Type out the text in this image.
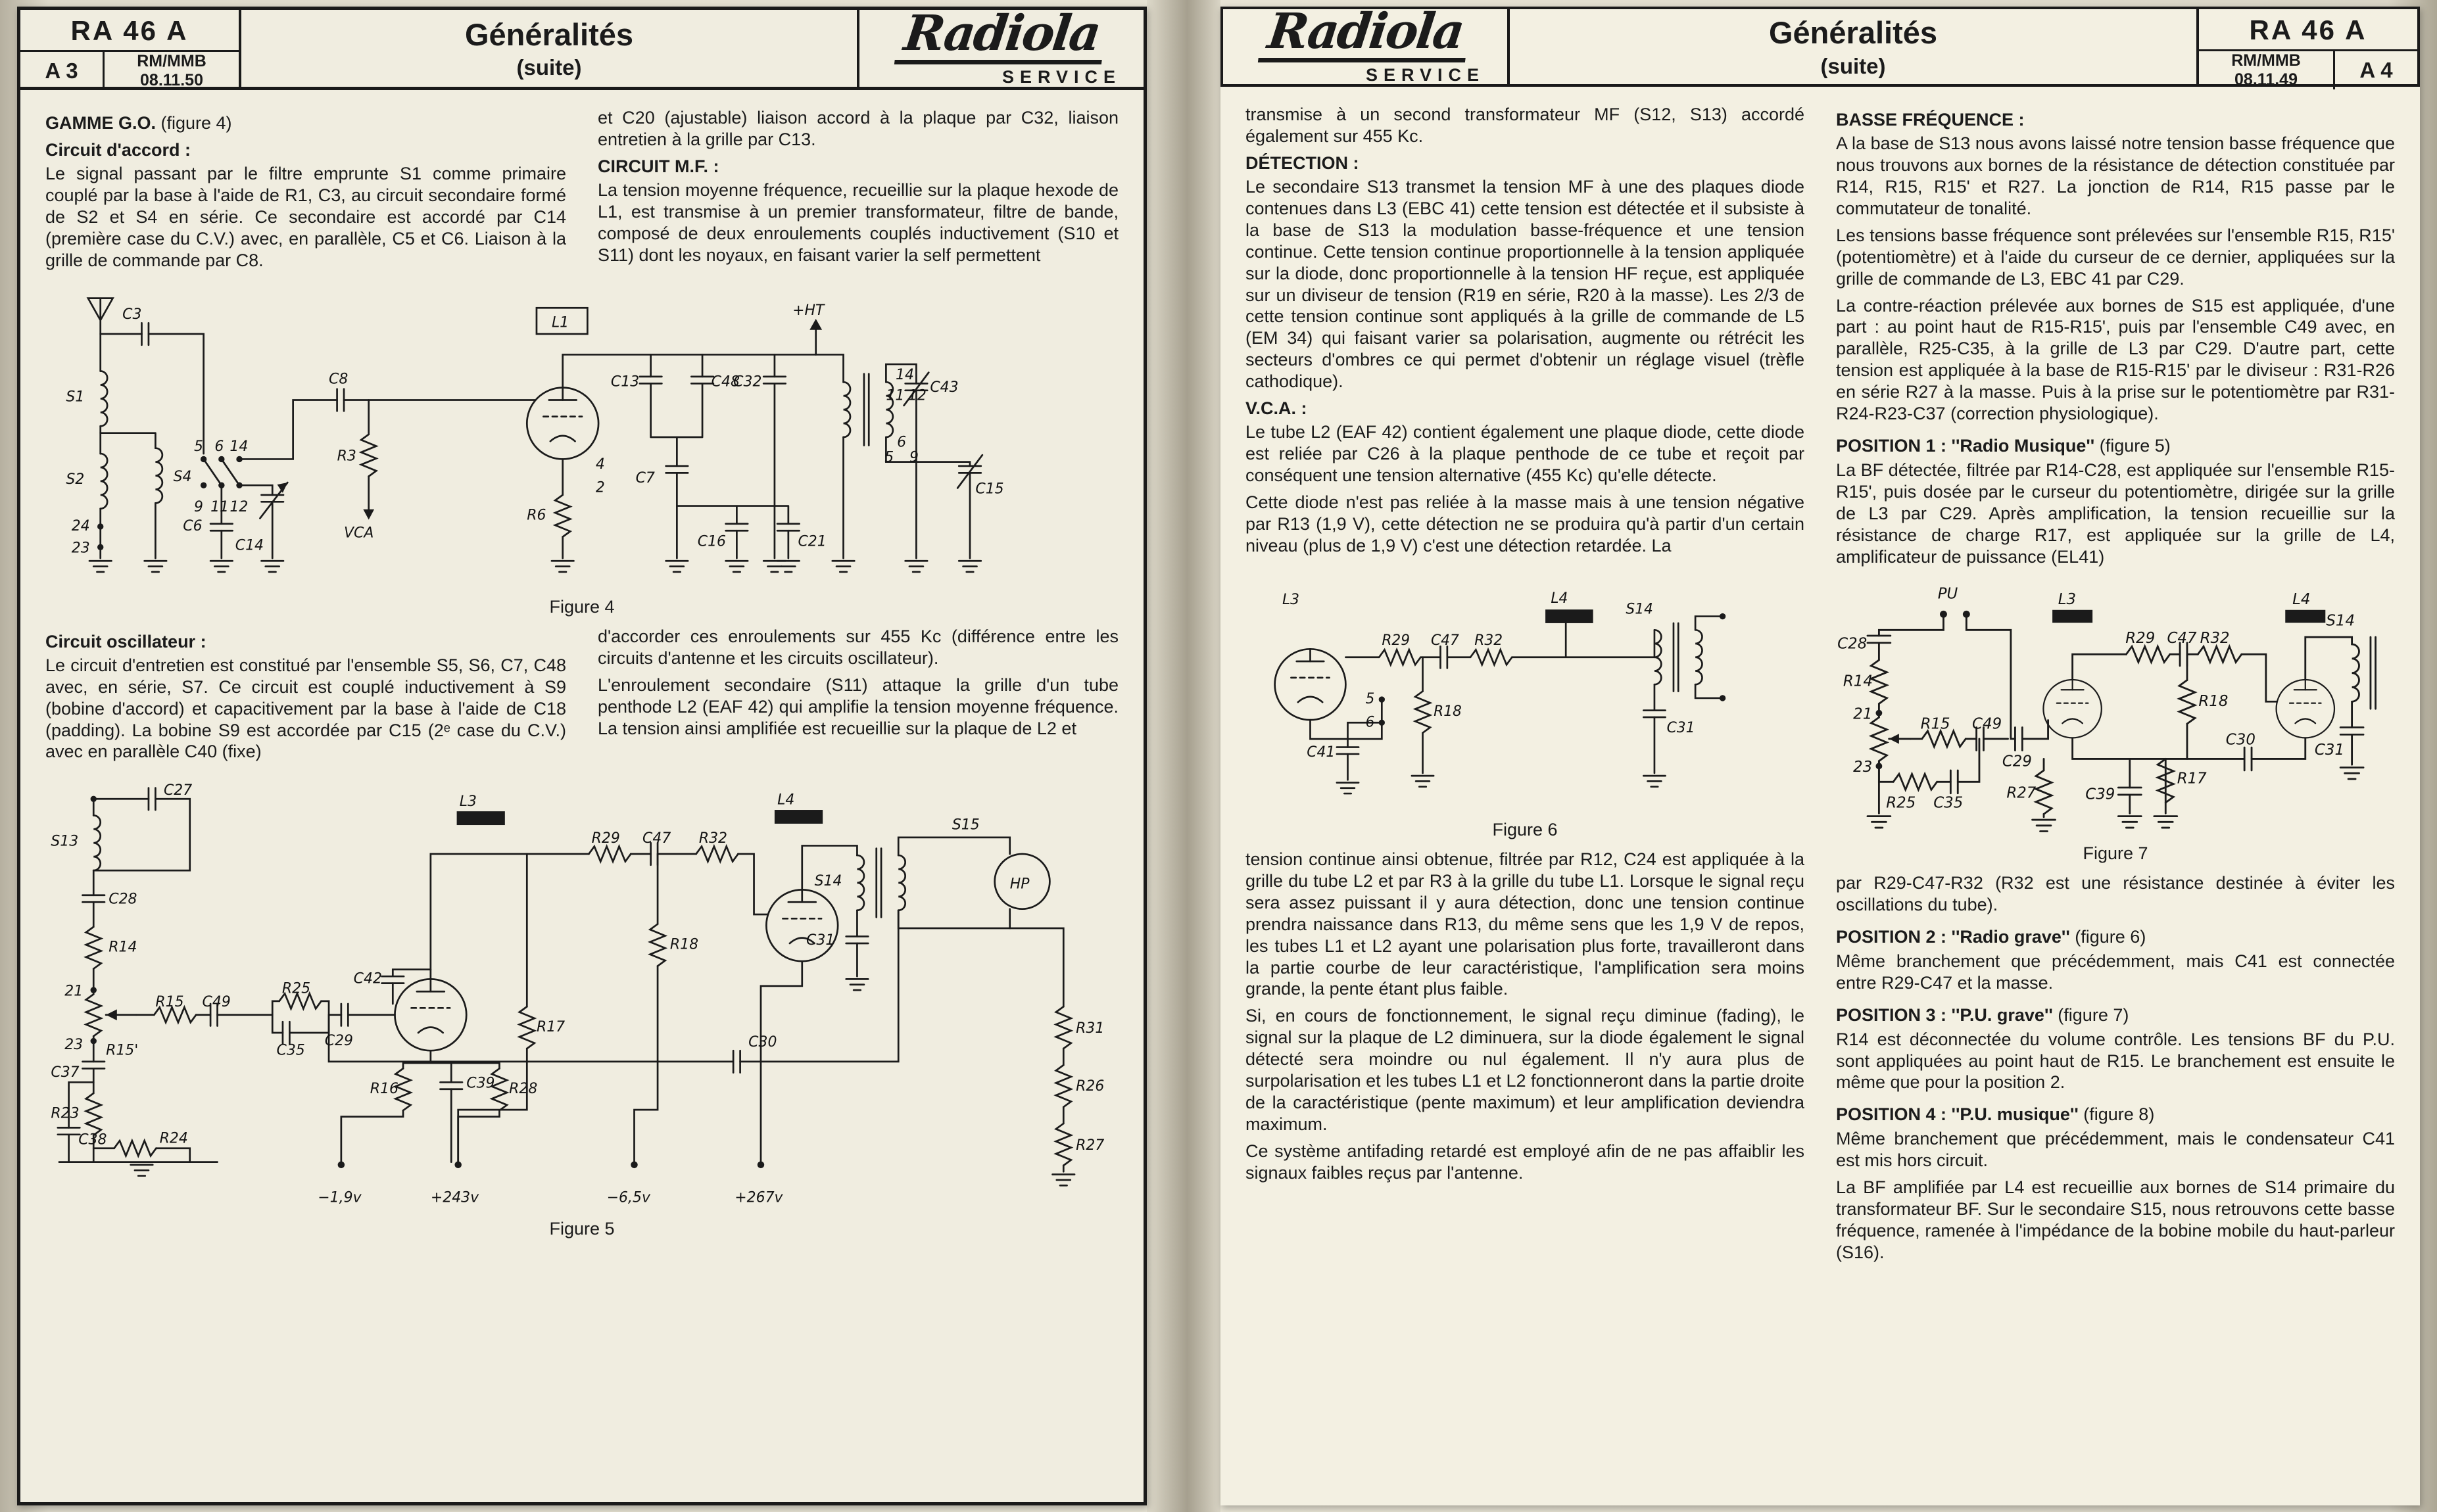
RA 46 A
A 3	RM/MMB
08.11.50
Généralités
(suite)
Radiola
SERVICE
GAMME G.O. (figure 4)
Circuit d'accord :

Le signal passant par le filtre emprunte S1 comme primaire couplé par la base à l'aide de R1, C3, au circuit secondaire formé de S2 et S4 en série. Ce secondaire est accordé par C14 (première case du C.V.) avec, en parallèle, C5 et C6. Liaison à la grille de commande par C8.

et C20 (ajustable) liaison accord à la plaque par C32, liaison entretien à la grille par C13.

CIRCUIT M.F. :

La tension moyenne fréquence, recueillie sur la plaque hexode de L1, est transmise à un premier transformateur, filtre de bande, composé de deux enroulements couplés inductivement (S10 et S11) dont les noyaux, en faisant varier la self permettent

C3
S1
S2	S4
5 6 14
9 11 12
24
23
C6
C14
C8
R3
VCA
L1
4
2
R6
C13	C48
C7
C32
+HT
14
11 12
C43
5
6
9
C15
C16	C21
Figure 4
Circuit oscillateur :

Le circuit d'entretien est constitué par l'ensemble S5, S6, C7, C48 avec, en série, S7. Ce circuit est couplé inductivement à S9 (bobine d'accord) et capacitivement par la base à l'aide de C18 (padding). La bobine S9 est accordée par C15 (2ᵉ case du C.V.) avec en parallèle C40 (fixe)

d'accorder ces enroulements sur 455 Kc (différence entre les circuits d'antenne et les circuits oscillateur).

L'enroulement secondaire (S11) attaque la grille d'un tube penthode L2 (EAF 42) qui amplifie la tension moyenne fréquence. La tension ainsi amplifiée est recueillie sur la plaque de L2 et

S13
C27
C28
R14
21
23
R15 C49
R15'
C37
R23
C38	R24
R25
C35
C29
R16	C39 R28
R17
C42
L3
R29 C47 R32
L4
R18
S14
C31
S15
HP
C30
R31
R26
R27
−1,9v	+243v	−6,5v	+267v
Figure 5
Radiola
SERVICE
Généralités
(suite)
RA 46 A
RM/MMB
08.11.49	A 4

transmise à un second transformateur MF (S12, S13) accordé également sur 455 Kc.

DÉTECTION :

Le secondaire S13 transmet la tension MF à une des plaques diode contenues dans L3 (EBC 41) cette tension est détectée et il subsiste à la base de S13 la modulation basse-fréquence et une tension continue. Cette tension continue proportionnelle à la tension appliquée sur la diode, donc proportionnelle à la tension HF reçue, est appliquée sur un diviseur de tension (R19 en série, R20 à la masse). Les 2/3 de cette tension continue sont appliqués à la grille de commande de L5 (EM 34) qui faisant varier sa polarisation, augmente ou rétrécit les secteurs d'ombres ce qui permet d'obtenir un réglage visuel (trèfle cathodique).

V.C.A. :

Le tube L2 (EAF 42) contient également une plaque diode, cette diode est reliée par C26 à la plaque penthode de ce tube et reçoit par conséquent une tension alternative (455 Kc) qu'elle détecte.

Cette diode n'est pas reliée à la masse mais à une tension négative par R13 (1,9 V), cette détection ne se produira qu'à partir d'un certain niveau (plus de 1,9 V) c'est une détection retardée. La

L3
R29 C47 R32
L4
S14
5
6
R18
C31
C41
Figure 6

tension continue ainsi obtenue, filtrée par R12, C24 est appliquée à la grille du tube L2 et par R3 à la grille du tube L1. Lorsque le signal reçu sera assez puissant il y aura détection, donc une tension continue prendra naissance dans R13, du même sens que les 1,9 V de repos, les tubes L1 et L2 ayant une polarisation plus forte, travailleront dans la partie courbe de leur caractéristique, l'amplification sera moins grande, la pente étant plus faible.

Si, en cours de fonctionnement, le signal reçu diminue (fading), le signal sur la plaque de L2 diminuera, sur la diode également le signal détecté sera moindre ou nul également. Il n'y aura plus de surpolarisation et les tubes L1 et L2 fonctionneront dans la partie droite de la caractéristique (pente maximum) et leur amplification deviendra maximum.

Ce système antifading retardé est employé afin de ne pas affaiblir les signaux faibles reçus par l'antenne.

BASSE FRÉQUENCE :

A la base de S13 nous avons laissé notre tension basse fréquence que nous trouvons aux bornes de la résistance de détection constituée par R14, R15, R15' et R27. La jonction de R14, R15 passe par le commutateur de tonalité.

Les tensions basse fréquence sont prélevées sur l'ensemble R15, R15' (potentiomètre) et à l'aide du curseur de ce dernier, appliquées sur la grille de commande de L3, EBC 41 par C29.

La contre-réaction prélevée aux bornes de S15 est appliquée, d'une part : au point haut de R15-R15', puis par l'ensemble C49 avec, en parallèle, R25-C35, à la grille de L3 par C29. D'autre part, cette tension est appliquée à la base de R15-R15' par le diviseur : R31-R26 en série R27 à la masse. Puis à la prise sur le potentiomètre par R31-R24-R23-C37 (correction physiologique).

POSITION 1 : ''Radio Musique'' (figure 5)

La BF détectée, filtrée par R14-C28, est appliquée sur l'ensemble R15-R15', puis dosée par le curseur du potentiomètre, dirigée sur la grille de L3 par C29. Après amplification, la tension recueillie sur la résistance de charge R17, est appliquée sur la grille de L4, amplificateur de puissance (EL41)

PU	L3	L4
C28
R14
21
23
R15 C49
R25 C35
C29
R29 C47 R32
R18
S14
C31
R17
C39
C30
R27
Figure 7

par R29-C47-R32 (R32 est une résistance destinée à éviter les oscillations du tube).

POSITION 2 : ''Radio grave'' (figure 6)

Même branchement que précédemment, mais C41 est connectée entre R29-C47 et la masse.

POSITION 3 : ''P.U. grave'' (figure 7)

R14 est déconnectée du volume contrôle. Les tensions BF du P.U. sont appliquées au point haut de R15. Le branchement est ensuite le même que pour la position 2.

POSITION 4 : ''P.U. musique'' (figure 8)

Même branchement que précédemment, mais le condensateur C41 est mis hors circuit.

La BF amplifiée par L4 est recueillie aux bornes de S14 primaire du transformateur BF. Sur le secondaire S15, nous retrouvons cette basse fréquence, ramenée à l'impédance de la bobine mobile du haut-parleur (S16).
